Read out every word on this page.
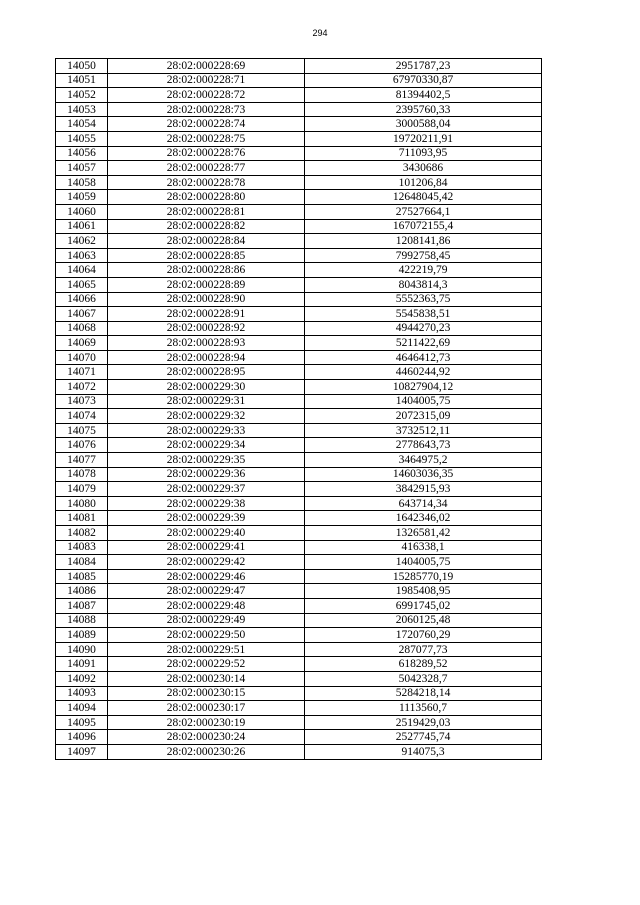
294
14050	28:02:000228:69	2951787,23
14051	28:02:000228:71	67970330,87
14052	28:02:000228:72	81394402,5
14053	28:02:000228:73	2395760,33
14054	28:02:000228:74	3000588,04
14055	28:02:000228:75	19720211,91
14056	28:02:000228:76	711093,95
14057	28:02:000228:77	3430686
14058	28:02:000228:78	101206,84
14059	28:02:000228:80	12648045,42
14060	28:02:000228:81	27527664,1
14061	28:02:000228:82	167072155,4
14062	28:02:000228:84	1208141,86
14063	28:02:000228:85	7992758,45
14064	28:02:000228:86	422219,79
14065	28:02:000228:89	8043814,3
14066	28:02:000228:90	5552363,75
14067	28:02:000228:91	5545838,51
14068	28:02:000228:92	4944270,23
14069	28:02:000228:93	5211422,69
14070	28:02:000228:94	4646412,73
14071	28:02:000228:95	4460244,92
14072	28:02:000229:30	10827904,12
14073	28:02:000229:31	1404005,75
14074	28:02:000229:32	2072315,09
14075	28:02:000229:33	3732512,11
14076	28:02:000229:34	2778643,73
14077	28:02:000229:35	3464975,2
14078	28:02:000229:36	14603036,35
14079	28:02:000229:37	3842915,93
14080	28:02:000229:38	643714,34
14081	28:02:000229:39	1642346,02
14082	28:02:000229:40	1326581,42
14083	28:02:000229:41	416338,1
14084	28:02:000229:42	1404005,75
14085	28:02:000229:46	15285770,19
14086	28:02:000229:47	1985408,95
14087	28:02:000229:48	6991745,02
14088	28:02:000229:49	2060125,48
14089	28:02:000229:50	1720760,29
14090	28:02:000229:51	287077,73
14091	28:02:000229:52	618289,52
14092	28:02:000230:14	5042328,7
14093	28:02:000230:15	5284218,14
14094	28:02:000230:17	1113560,7
14095	28:02:000230:19	2519429,03
14096	28:02:000230:24	2527745,74
14097	28:02:000230:26	914075,3
